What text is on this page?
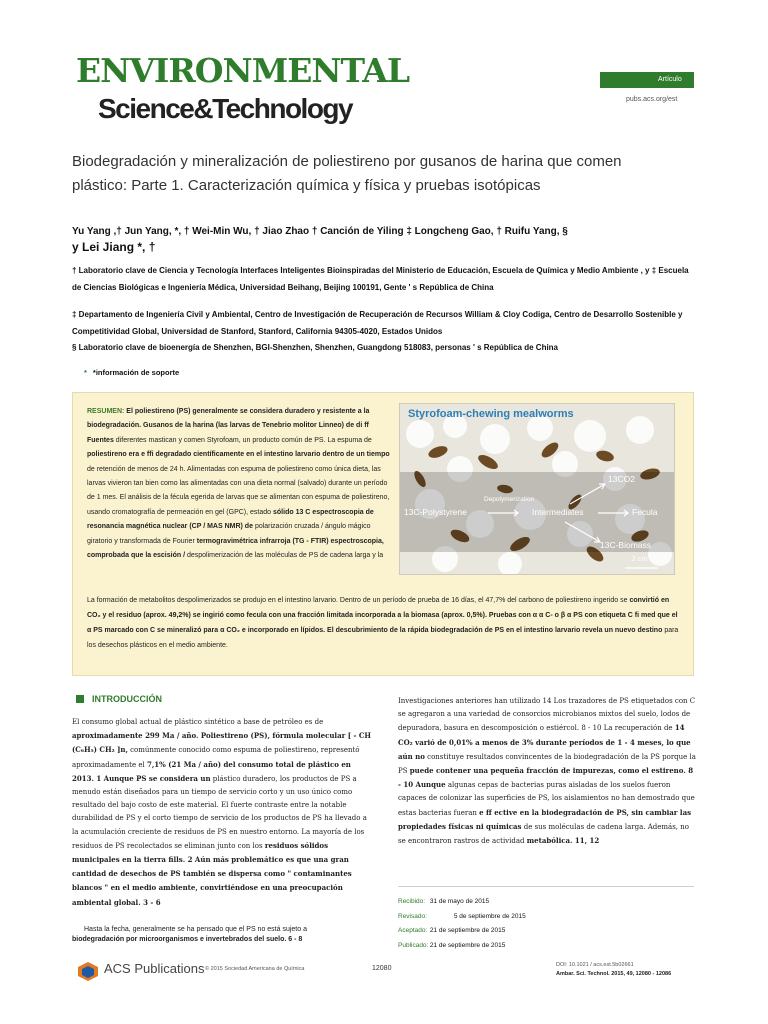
ENVIRONMENTAL
Science&Technology
Artículo
pubs.acs.org/est
Biodegradación y mineralización de poliestireno por gusanos de harina que comen plástico: Parte 1. Caracterización química y física y pruebas isotópicas
Yu Yang ,† Jun Yang, *, † Wei-Min Wu, † Jiao Zhao † Canción de Yiling ‡ Longcheng Gao, † Ruifu Yang, §
y Lei Jiang *, †
† Laboratorio clave de Ciencia y Tecnología Interfaces Inteligentes Bioinspiradas del Ministerio de Educación, Escuela de Química y Medio Ambiente , y ‡ Escuela de Ciencias Biológicas e Ingeniería Médica, Universidad Beihang, Beijing 100191, Gente ' s República de China
‡ Departamento de Ingeniería Civil y Ambiental, Centro de Investigación de Recuperación de Recursos William & Cloy Codiga, Centro de Desarrollo Sostenible y Competitividad Global, Universidad de Stanford, Stanford, California 94305-4020, Estados Unidos
§ Laboratorio clave de bioenergía de Shenzhen, BGI-Shenzhen, Shenzhen, Guangdong 518083, personas ' s República de China
* *información de soporte
RESUMEN: El poliestireno (PS) generalmente se considera duradero y resistente a la biodegradación. Gusanos de la harina (las larvas de Tenebrio molitor Linneo) de di ff Fuentes diferentes mastican y comen Styrofoam, un producto común de PS. La espuma de poliestireno era e ffi degradado científicamente en el intestino larvario dentro de un tiempo de retención de menos de 24 h. Alimentadas con espuma de poliestireno como única dieta, las larvas vivieron tan bien como las alimentadas con una dieta normal (salvado) durante un período de 1 mes. El análisis de la fécula egerida de larvas que se alimentan con espuma de poliestireno, usando cromatografía de permeación en gel (GPC), estado sólido 13 C espectroscopia de resonancia magnética nuclear (CP / MAS NMR) de polarización cruzada / ángulo mágico giratorio y transformada de Fourier termogravimétrica infrarroja (TG - FTIR) espectroscopia, comprobada que la escisión / despolimerización de las moléculas de PS de cadena larga y la
Styrofoam-chewing mealworms
13CO2
13C-Polystyrene
Depolymerization
Intermediates	Fecula
13C-Biomass
2 cm
La formación de metabolitos despolimerizados se produjo en el intestino larvario. Dentro de un período de prueba de 16 días, el 47,7% del carbono de poliestireno ingerido se convirtió en CO₂ y el residuo (aprox. 49,2%) se ingirió como fecula con una fracción limitada incorporada a la biomasa (aprox. 0,5%). Pruebas con α α C- o β α PS con etiqueta C fi med que el α PS marcado con C se mineralizó para α CO₂ e incorporado en lípidos. El descubrimiento de la rápida biodegradación de PS en el intestino larvario revela un nuevo destino para los desechos plásticos en el medio ambiente.
INTRODUCCIÓN
El consumo global actual de plástico sintético a base de petróleo es de aproximadamente 299 Ma / año. Poliestireno (PS), fórmula molecular [ - CH (C₆H₅) CH₂ ]n, comúnmente conocido como espuma de poliestireno, representó aproximadamente el 7,1% (21 Ma / año) del consumo total de plástico en 2013. 1 Aunque PS se considera un plástico duradero, los productos de PS a menudo están diseñados para un tiempo de servicio corto y un uso único como resultado del bajo costo de este material. El fuerte contraste entre la notable durabilidad de PS y el corto tiempo de servicio de los productos de PS ha llevado a la acumulación creciente de residuos de PS en nuestro entorno. La mayoría de los residuos de PS recolectados se eliminan junto con los residuos sólidos municipales en la tierra fills. 2 Aún más problemático es que una gran cantidad de desechos de PS también se dispersa como " contaminantes blancos " en el medio ambiente, convirtiéndose en una preocupación ambiental global. 3 - 6
Investigaciones anteriores han utilizado 14 Los trazadores de PS etiquetados con C se agregaron a una variedad de consorcios microbianos mixtos del suelo, lodos de depuradora, basura en descomposición o estiércol. 8 - 10 La recuperación de 14 CO₂ varió de 0,01% a menos de 3% durante períodos de 1 - 4 meses, lo que aún no constituye resultados convincentes de la biodegradación de la PS porque la PS puede contener una pequeña fracción de impurezas, como el estireno. 8 - 10 Aunque algunas cepas de bacterias puras aisladas de los suelos fueron capaces de colonizar las superficies de PS, los aislamientos no han demostrado que estas bacterias fueran e ff ective en la biodegradación de PS, sin cambiar las propiedades físicas ni químicas de sus moléculas de cadena larga. Además, no se encontraron rastros de actividad metabólica. 11, 12
Hasta la fecha, generalmente se ha pensado que el PS no está sujeto a
biodegradación por microorganismos e invertebrados del suelo. 6 - 8
Recibido: 31 de mayo de 2015
Revisado:	5 de septiembre de 2015
Aceptado: 21 de septiembre de 2015
Publicado: 21 de septiembre de 2015
ACS Publications © 2015 Sociedad Americana de Química	12080	DOI: 10.1021 / acs.est.5b02661
Ambar. Sci. Technol. 2015, 49, 12080 - 12086
